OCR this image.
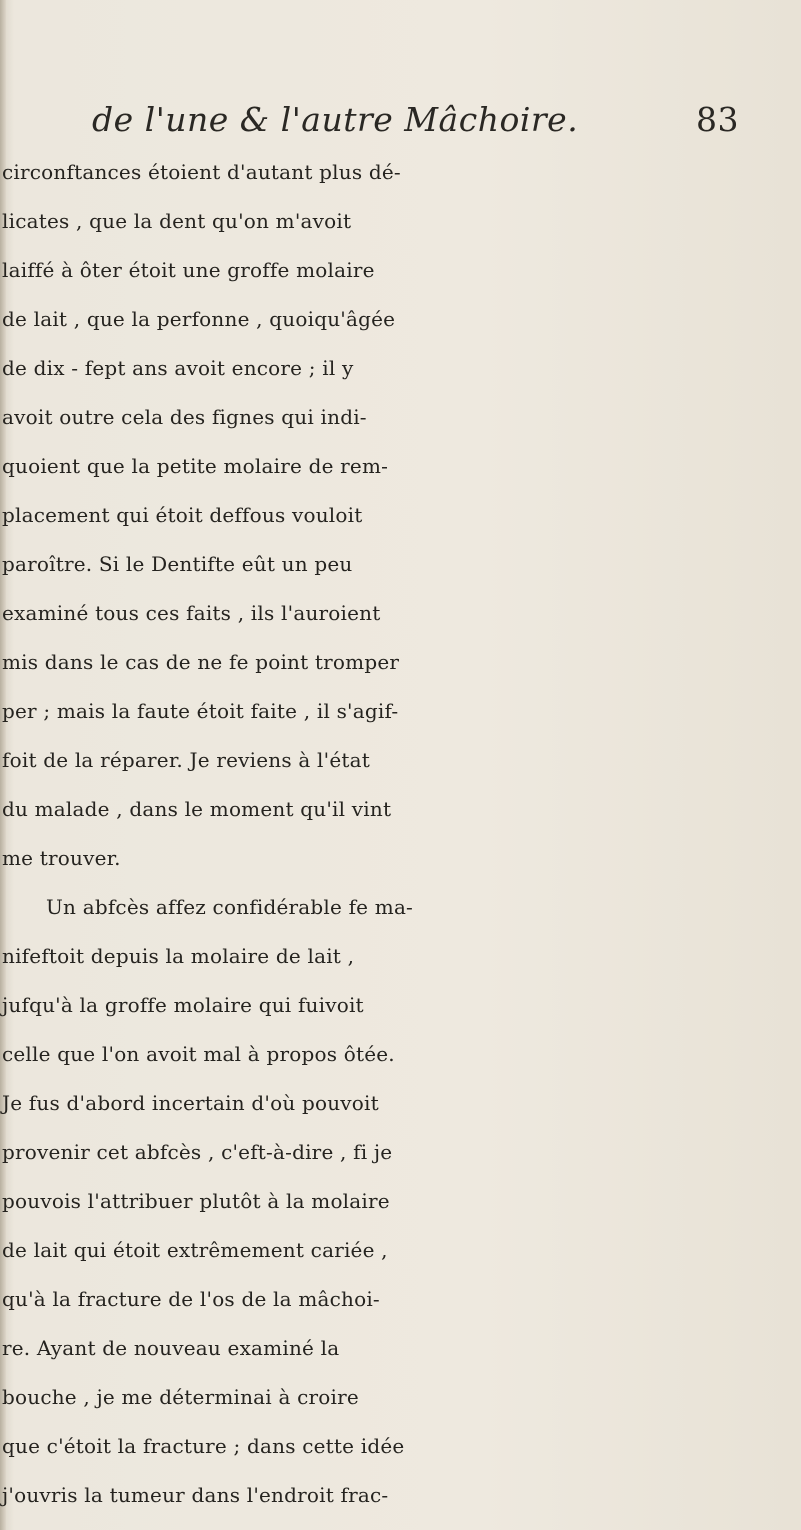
de l'une & l'autre Mâchoire.	83
circonftances étoient d'autant plus dé-
licates , que la dent qu'on m'avoit
laiffé à ôter étoit une groffe molaire
de lait , que la perfonne , quoiqu'âgée
de dix - fept ans avoit encore ; il y
avoit outre cela des fignes qui indi-
quoient que la petite molaire de rem-
placement qui étoit deffous vouloit
paroître. Si le Dentifte eût un peu
examiné tous ces faits , ils l'auroient
mis dans le cas de ne fe point tromper
per ; mais la faute étoit faite , il s'agif-
foit de la réparer. Je reviens à l'état
du malade , dans le moment qu'il vint
me trouver.
Un abfcès affez confidérable fe ma-
nifeftoit depuis la molaire de lait ,
jufqu'à la groffe molaire qui fuivoit
celle que l'on avoit mal à propos ôtée.
Je fus d'abord incertain d'où pouvoit
provenir cet abfcès , c'eft-à-dire , fi je
pouvois l'attribuer plutôt à la molaire
de lait qui étoit extrêmement cariée ,
qu'à la fracture de l'os de la mâchoi-
re. Ayant de nouveau examiné la
bouche , je me déterminai à croire
que c'étoit la fracture ; dans cette idée
j'ouvris la tumeur dans l'endroit frac-
